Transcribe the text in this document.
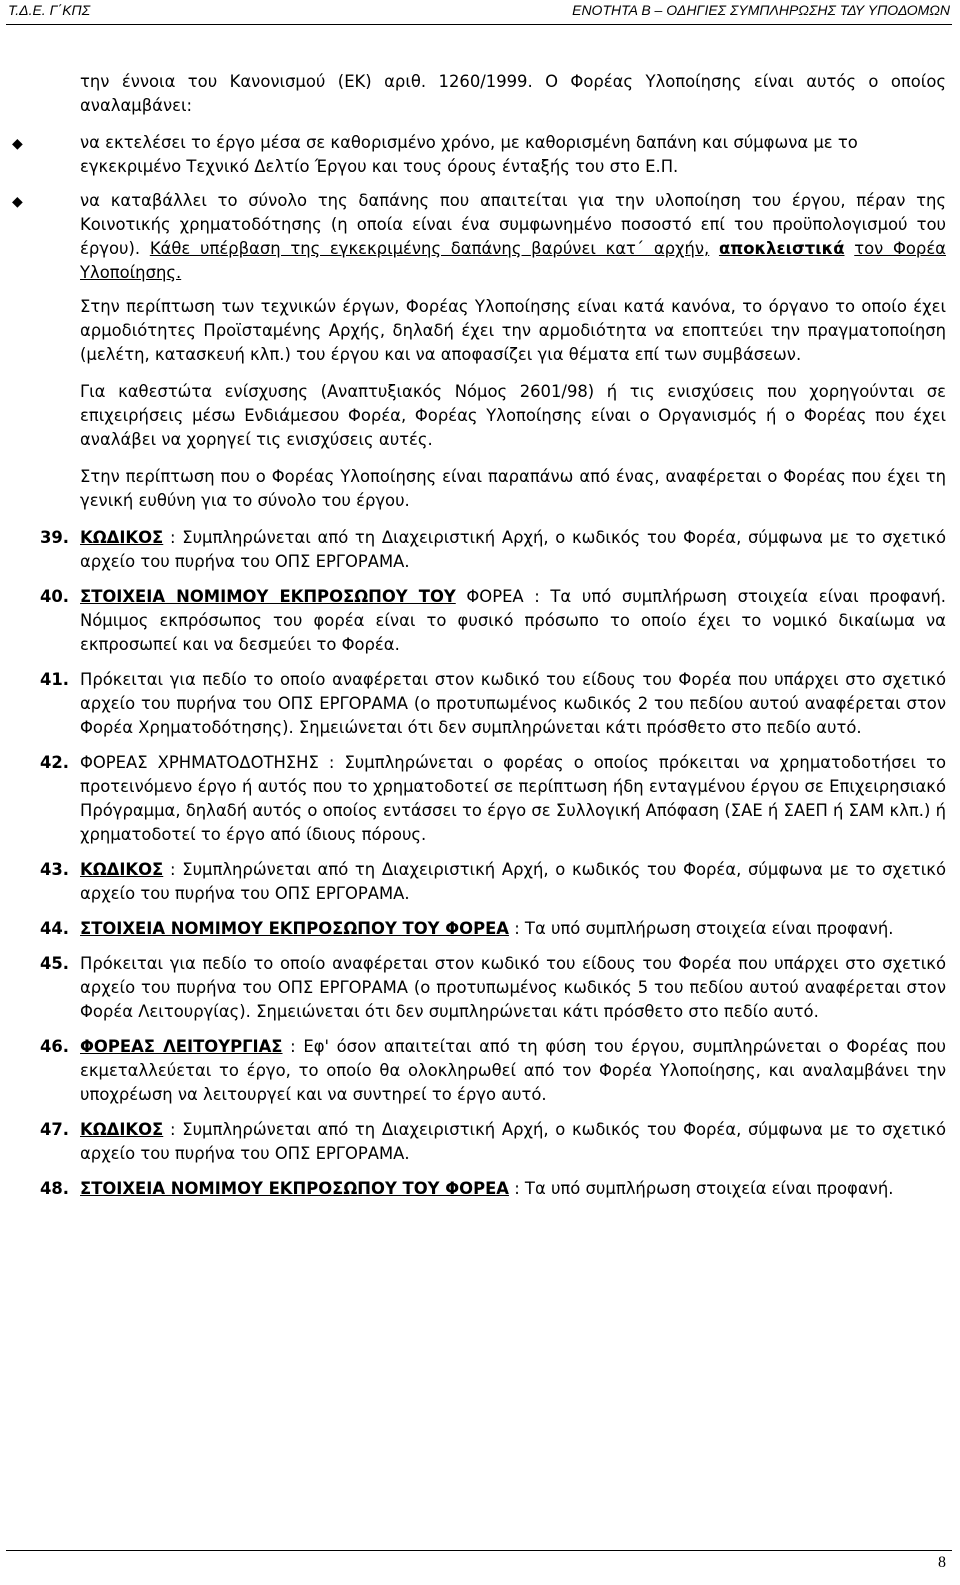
Τ.Δ.Ε. Γ΄ΚΠΣ	ΕΝΟΤΗΤΑ Β – ΟΔΗΓΙΕΣ ΣΥΜΠΛΗΡΩΣΗΣ ΤΔΥ ΥΠΟΔΟΜΩΝ

την έννοια του Κανονισμού (ΕΚ) αριθ. 1260/1999. Ο Φορέας Υλοποίησης είναι αυτός ο οποίος αναλαμβάνει:

◆	να εκτελέσει το έργο μέσα σε καθορισμένο χρόνο, με καθορισμένη δαπάνη και σύμφωνα με το εγκεκριμένο Τεχνικό Δελτίο Έργου και τους όρους ένταξής του στο Ε.Π.
◆	να καταβάλλει το σύνολο της δαπάνης που απαιτείται για την υλοποίηση του έργου, πέραν της Κοινοτικής χρηματοδότησης (η οποία είναι ένα συμφωνημένο ποσοστό επί του προϋπολογισμού του έργου). Κάθε υπέρβαση της εγκεκριμένης δαπάνης βαρύνει κατ΄ αρχήν, αποκλειστικά τον Φορέα Υλοποίησης.

Στην περίπτωση των τεχνικών έργων, Φορέας Υλοποίησης είναι κατά κανόνα, το όργανο το οποίο έχει αρμοδιότητες Προϊσταμένης Αρχής, δηλαδή έχει την αρμοδιότητα να εποπτεύει την πραγματοποίηση (μελέτη, κατασκευή κλπ.) του έργου και να αποφασίζει για θέματα επί των συμβάσεων.

Για καθεστώτα ενίσχυσης (Αναπτυξιακός Νόμος 2601/98) ή τις ενισχύσεις που χορηγούνται σε επιχειρήσεις μέσω Ενδιάμεσου Φορέα, Φορέας Υλοποίησης είναι ο Οργανισμός ή ο Φορέας που έχει αναλάβει να χορηγεί τις ενισχύσεις αυτές.

Στην περίπτωση που ο Φορέας Υλοποίησης είναι παραπάνω από ένας, αναφέρεται ο Φορέας που έχει τη γενική ευθύνη για το σύνολο του έργου.

39. ΚΩΔΙΚΟΣ : Συμπληρώνεται από τη Διαχειριστική Αρχή, ο κωδικός του Φορέα, σύμφωνα με το σχετικό αρχείο του πυρήνα του ΟΠΣ ΕΡΓΟΡΑΜΑ.
40. ΣΤΟΙΧΕΙΑ ΝΟΜΙΜΟΥ ΕΚΠΡΟΣΩΠΟΥ ΤΟΥ ΦΟΡΕΑ : Τα υπό συμπλήρωση στοιχεία είναι προφανή. Νόμιμος εκπρόσωπος του φορέα είναι το φυσικό πρόσωπο το οποίο έχει το νομικό δικαίωμα να εκπροσωπεί και να δεσμεύει το Φορέα.
41. Πρόκειται για πεδίο το οποίο αναφέρεται στον κωδικό του είδους του Φορέα που υπάρχει στο σχετικό αρχείο του πυρήνα του ΟΠΣ ΕΡΓΟΡΑΜΑ (ο προτυπωμένος κωδικός 2 του πεδίου αυτού αναφέρεται στον Φορέα Χρηματοδότησης). Σημειώνεται ότι δεν συμπληρώνεται κάτι πρόσθετο στο πεδίο αυτό.
42. ΦΟΡΕΑΣ ΧΡΗΜΑΤΟΔΟΤΗΣΗΣ : Συμπληρώνεται ο φορέας ο οποίος πρόκειται να χρηματοδοτήσει το προτεινόμενο έργο ή αυτός που το χρηματοδοτεί σε περίπτωση ήδη ενταγμένου έργου σε Επιχειρησιακό Πρόγραμμα, δηλαδή αυτός ο οποίος εντάσσει το έργο σε Συλλογική Απόφαση (ΣΑΕ ή ΣΑΕΠ ή ΣΑΜ κλπ.) ή χρηματοδοτεί το έργο από ίδιους πόρους.
43. ΚΩΔΙΚΟΣ : Συμπληρώνεται από τη Διαχειριστική Αρχή, ο κωδικός του Φορέα, σύμφωνα με το σχετικό αρχείο του πυρήνα του ΟΠΣ ΕΡΓΟΡΑΜΑ.
44. ΣΤΟΙΧΕΙΑ ΝΟΜΙΜΟΥ ΕΚΠΡΟΣΩΠΟΥ ΤΟΥ ΦΟΡΕΑ : Τα υπό συμπλήρωση στοιχεία είναι προφανή.
45. Πρόκειται για πεδίο το οποίο αναφέρεται στον κωδικό του είδους του Φορέα που υπάρχει στο σχετικό αρχείο του πυρήνα του ΟΠΣ ΕΡΓΟΡΑΜΑ (ο προτυπωμένος κωδικός 5 του πεδίου αυτού αναφέρεται στον Φορέα Λειτουργίας). Σημειώνεται ότι δεν συμπληρώνεται κάτι πρόσθετο στο πεδίο αυτό.
46. ΦΟΡΕΑΣ ΛΕΙΤΟΥΡΓΙΑΣ : Εφ' όσον απαιτείται από τη φύση του έργου, συμπληρώνεται ο Φορέας που εκμεταλλεύεται το έργο, το οποίο θα ολοκληρωθεί από τον Φορέα Υλοποίησης, και αναλαμβάνει την υποχρέωση να λειτουργεί και να συντηρεί το έργο αυτό.
47. ΚΩΔΙΚΟΣ : Συμπληρώνεται από τη Διαχειριστική Αρχή, ο κωδικός του Φορέα, σύμφωνα με το σχετικό αρχείο του πυρήνα του ΟΠΣ ΕΡΓΟΡΑΜΑ.
48. ΣΤΟΙΧΕΙΑ ΝΟΜΙΜΟΥ ΕΚΠΡΟΣΩΠΟΥ ΤΟΥ ΦΟΡΕΑ : Τα υπό συμπλήρωση στοιχεία είναι προφανή.
8
